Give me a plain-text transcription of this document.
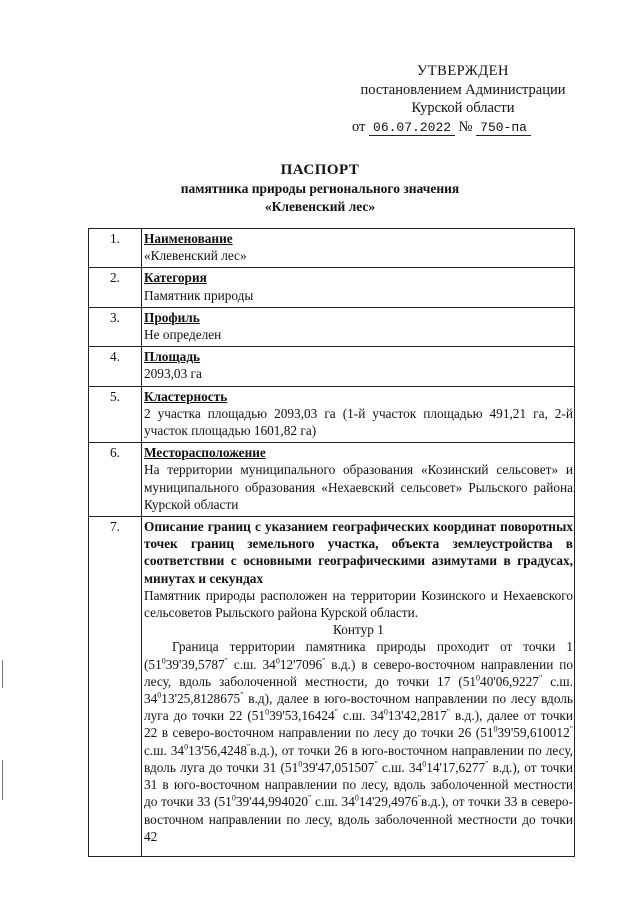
УТВЕРЖДЕН
постановлением Администрации
Курской области
от 06.07.2022 № 750-па
ПАСПОРТ
памятника природы регионального значения
«Клевенский лес»
1.	Наименование
«Клевенский лес»

2.	Категория
Памятник природы

3.	Профиль
Не определен

4.	Площадь
2093,03 га

5.	Кластерность
2 участка площадью 2093,03 га (1-й участок площадью 491,21 га, 2-й участок площадью 1601,82 га)

6.	Месторасположение
На территории муниципального образования «Козинский сельсовет» и муниципального образования «Нехаевский сельсовет» Рыльского района Курской области

7.	Описание границ с указанием географических координат поворотных точек границ земельного участка, объекта землеустройства в соответствии с основными географическими азимутами в градусах, минутах и секундах
Памятник природы расположен на территории Козинского и Нехаевского сельсоветов Рыльского района Курской области.
Контур 1
Граница территории памятника природы проходит от точки 1 ($51^039'39,5787^"$ с.ш. $34^012'7096^"$ в.д.) в северо-восточном направлении по лесу, вдоль заболоченной местности, до точки 17 ($51^040'06,9227^"$ с.ш. $34^013'25,8128675^"$ в.д), далее в юго-восточном направлении по лесу вдоль луга до точки 22 ($51^039'53,16424^"$ с.ш. $34^013'42,2817^"$ в.д.), далее от точки 22 в северо-восточном направлении по лесу до точки 26 ($51^039'59,610012^"$ с.ш. $34^013'56,4248^"в.д$.), от точки 26 в юго-восточном направлении по лесу, вдоль луга до точки 31 ($51^039'47,051507^"$ с.ш. $34^014'17,6277^"$ в.д.), от точки 31 в юго-восточном направлении по лесу, вдоль заболоченной местности до точки 33 ($51^039'44,994020^"$ с.ш. $34^014'29,4976^"в.д$.), от точки 33 в северо-восточном направлении по лесу, вдоль заболоченной местности до точки 42
